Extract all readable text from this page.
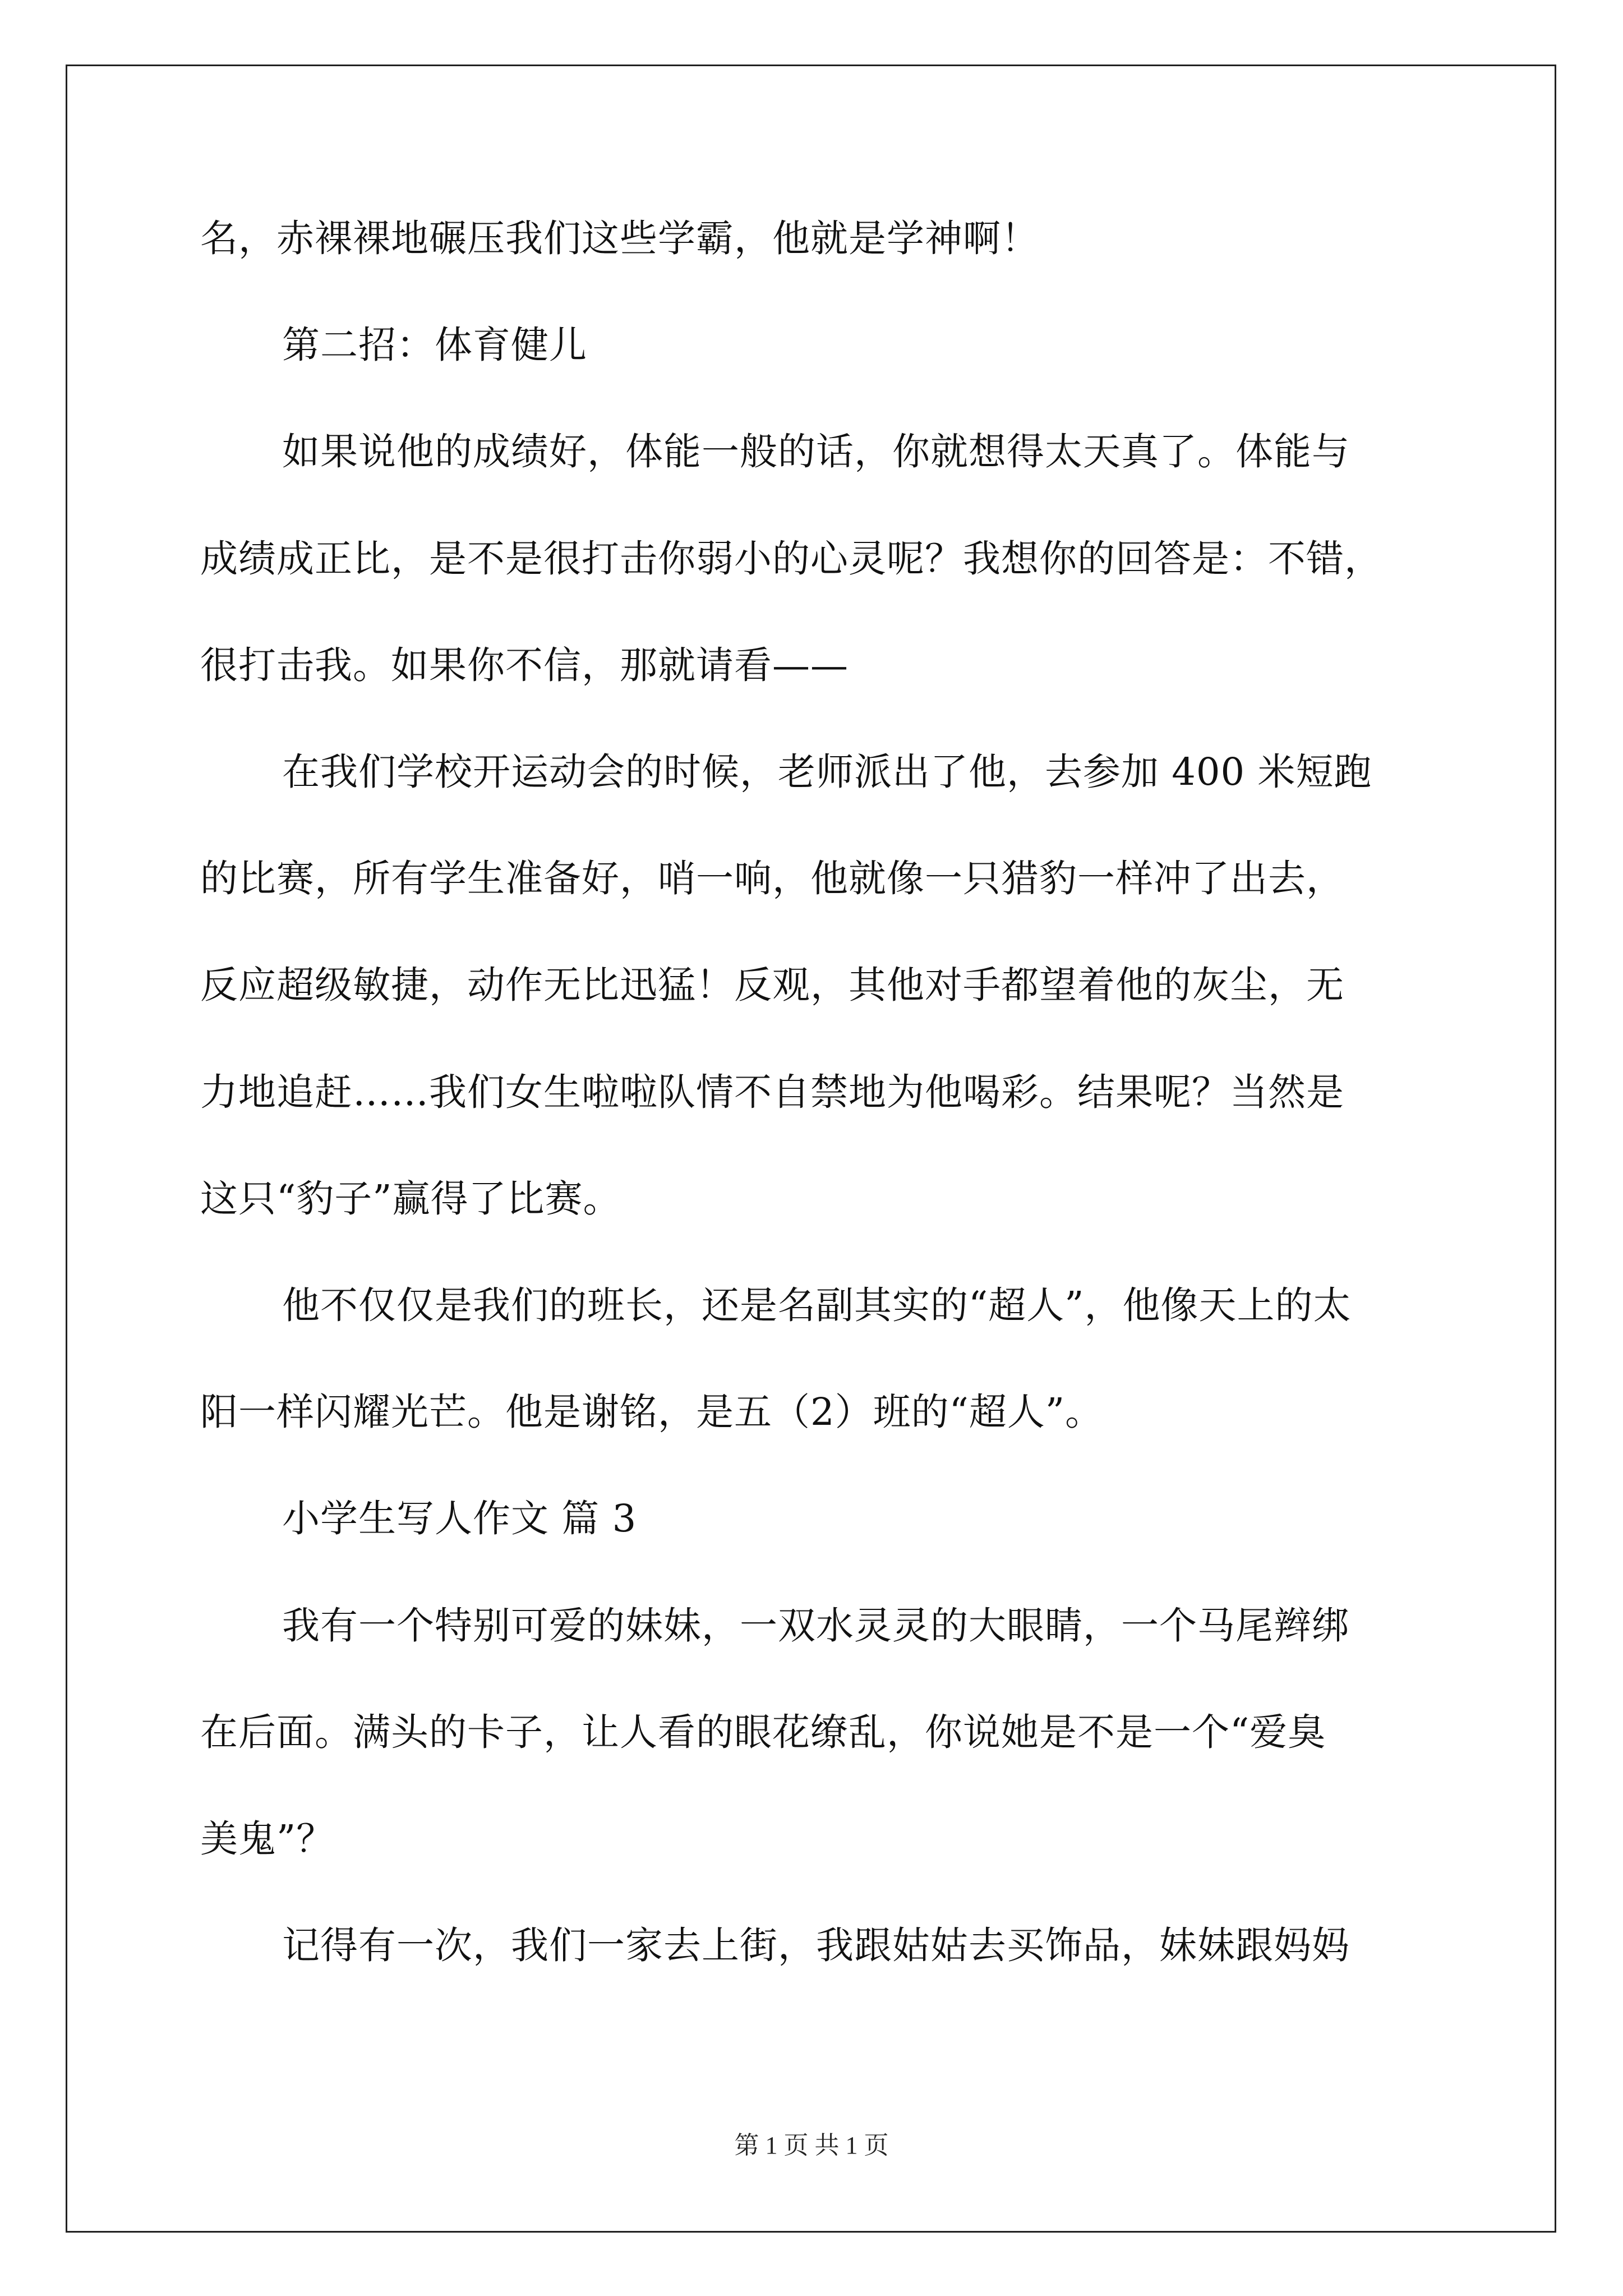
名，赤裸裸地碾压我们这些学霸，他就是学神啊！
第二招：体育健儿
如果说他的成绩好，体能一般的话，你就想得太天真了。体能与
成绩成正比，是不是很打击你弱小的心灵呢？我想你的回答是：不错，
很打击我。如果你不信，那就请看——
在我们学校开运动会的时候，老师派出了他，去参加 400 米短跑
的比赛，所有学生准备好，哨一响，他就像一只猎豹一样冲了出去，
反应超级敏捷，动作无比迅猛！反观，其他对手都望着他的灰尘，无
力地追赶……我们女生啦啦队情不自禁地为他喝彩。结果呢？当然是
这只“豹子”赢得了比赛。
他不仅仅是我们的班长，还是名副其实的“超人”，他像天上的太
阳一样闪耀光芒。他是谢铭，是五（2）班的“超人”。
小学生写人作文 篇 3
我有一个特别可爱的妹妹，一双水灵灵的大眼睛，一个马尾辫绑
在后面。满头的卡子，让人看的眼花缭乱，你说她是不是一个“爱臭
美鬼”？
记得有一次，我们一家去上街，我跟姑姑去买饰品，妹妹跟妈妈
第 1 页 共 1 页
